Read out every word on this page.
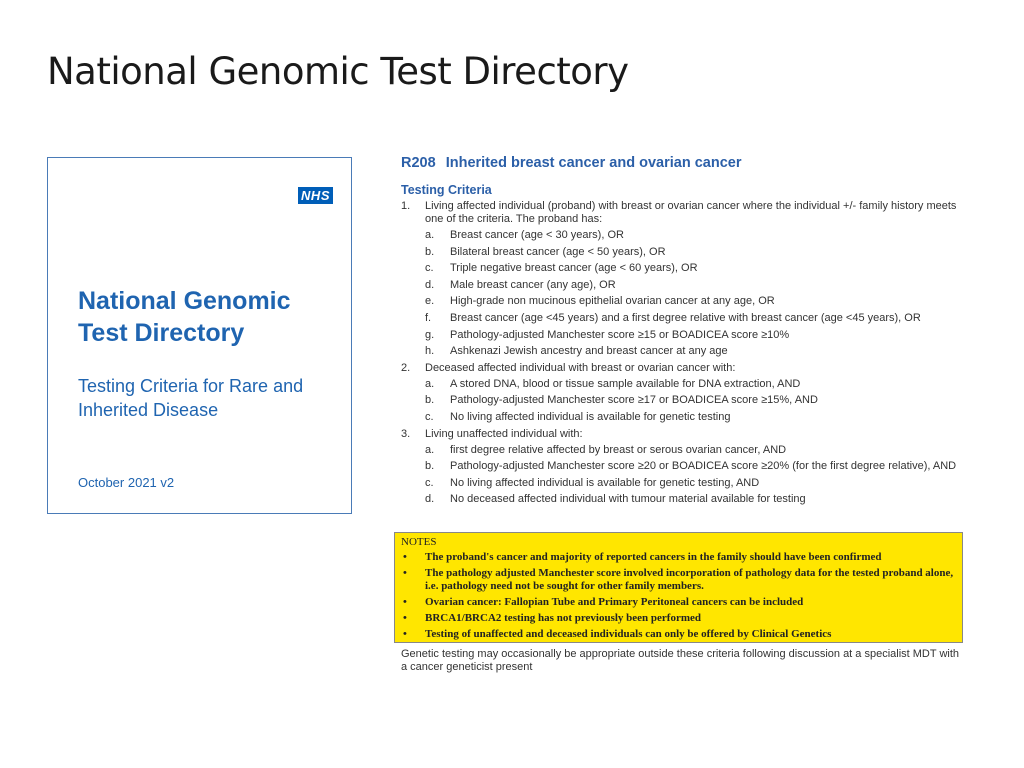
National Genomic Test Directory
NHS
National Genomic Test Directory
Testing Criteria for Rare and Inherited Disease
October 2021 v2
R208 Inherited breast cancer and ovarian cancer
Testing Criteria
1. Living affected individual (proband) with breast or ovarian cancer where the individual +/- family history meets one of the criteria. The proband has:
a. Breast cancer (age < 30 years), OR
b. Bilateral breast cancer (age < 50 years), OR
c. Triple negative breast cancer (age < 60 years), OR
d. Male breast cancer (any age), OR
e. High-grade non mucinous epithelial ovarian cancer at any age, OR
f. Breast cancer (age <45 years) and a first degree relative with breast cancer (age <45 years), OR
g. Pathology-adjusted Manchester score ≥15 or BOADICEA score ≥10%
h. Ashkenazi Jewish ancestry and breast cancer at any age
2. Deceased affected individual with breast or ovarian cancer with:
a. A stored DNA, blood or tissue sample available for DNA extraction, AND
b. Pathology-adjusted Manchester score ≥17 or BOADICEA score ≥15%, AND
c. No living affected individual is available for genetic testing
3. Living unaffected individual with:
a. first degree relative affected by breast or serous ovarian cancer, AND
b. Pathology-adjusted Manchester score ≥20 or BOADICEA score ≥20% (for the first degree relative), AND
c. No living affected individual is available for genetic testing, AND
d. No deceased affected individual with tumour material available for testing
NOTES
• The proband's cancer and majority of reported cancers in the family should have been confirmed
• The pathology adjusted Manchester score involved incorporation of pathology data for the tested proband alone, i.e. pathology need not be sought for other family members.
• Ovarian cancer: Fallopian Tube and Primary Peritoneal cancers can be included
• BRCA1/BRCA2 testing has not previously been performed
• Testing of unaffected and deceased individuals can only be offered by Clinical Genetics
Genetic testing may occasionally be appropriate outside these criteria following discussion at a specialist MDT with a cancer geneticist present
